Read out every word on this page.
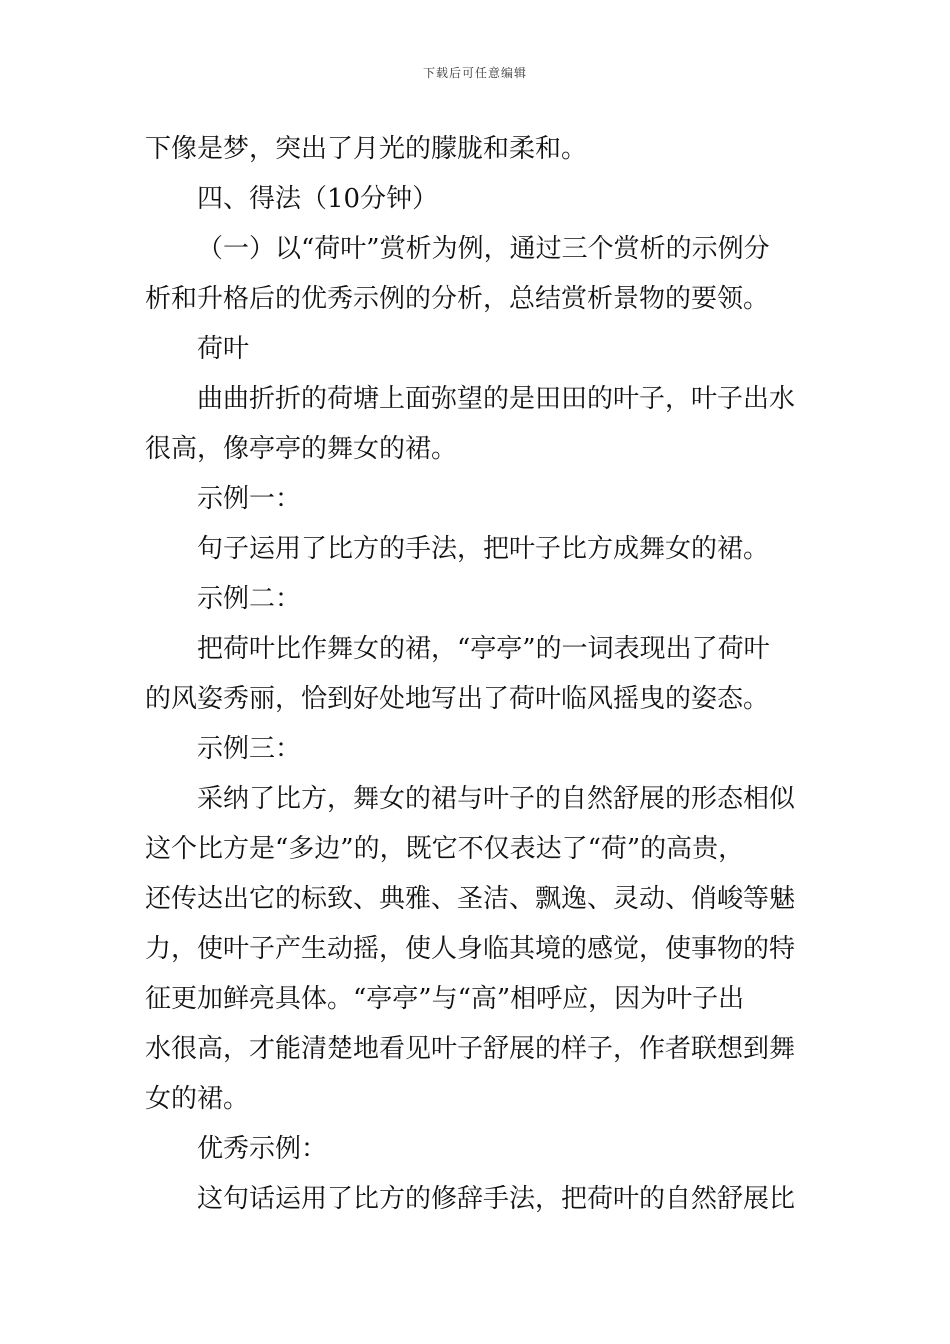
下载后可任意编辑
下像是梦，突出了月光的朦胧和柔和。
四、得法（10分钟）
（一）以“荷叶”赏析为例，通过三个赏析的示例分
析和升格后的优秀示例的分析，总结赏析景物的要领。
荷叶
曲曲折折的荷塘上面弥望的是田田的叶子，叶子出水
很高，像亭亭的舞女的裙。
示例一：
句子运用了比方的手法，把叶子比方成舞女的裙。
示例二：
把荷叶比作舞女的裙，“亭亭”的一词表现出了荷叶
的风姿秀丽，恰到好处地写出了荷叶临风摇曳的姿态。
示例三：
采纳了比方，舞女的裙与叶子的自然舒展的形态相似
这个比方是“多边”的，既它不仅表达了“荷”的高贵，
还传达出它的标致、典雅、圣洁、飘逸、灵动、俏峻等魅
力，使叶子产生动摇，使人身临其境的感觉，使事物的特
征更加鲜亮具体。“亭亭”与“高”相呼应，因为叶子出
水很高，才能清楚地看见叶子舒展的样子，作者联想到舞
女的裙。
优秀示例：
这句话运用了比方的修辞手法，把荷叶的自然舒展比
